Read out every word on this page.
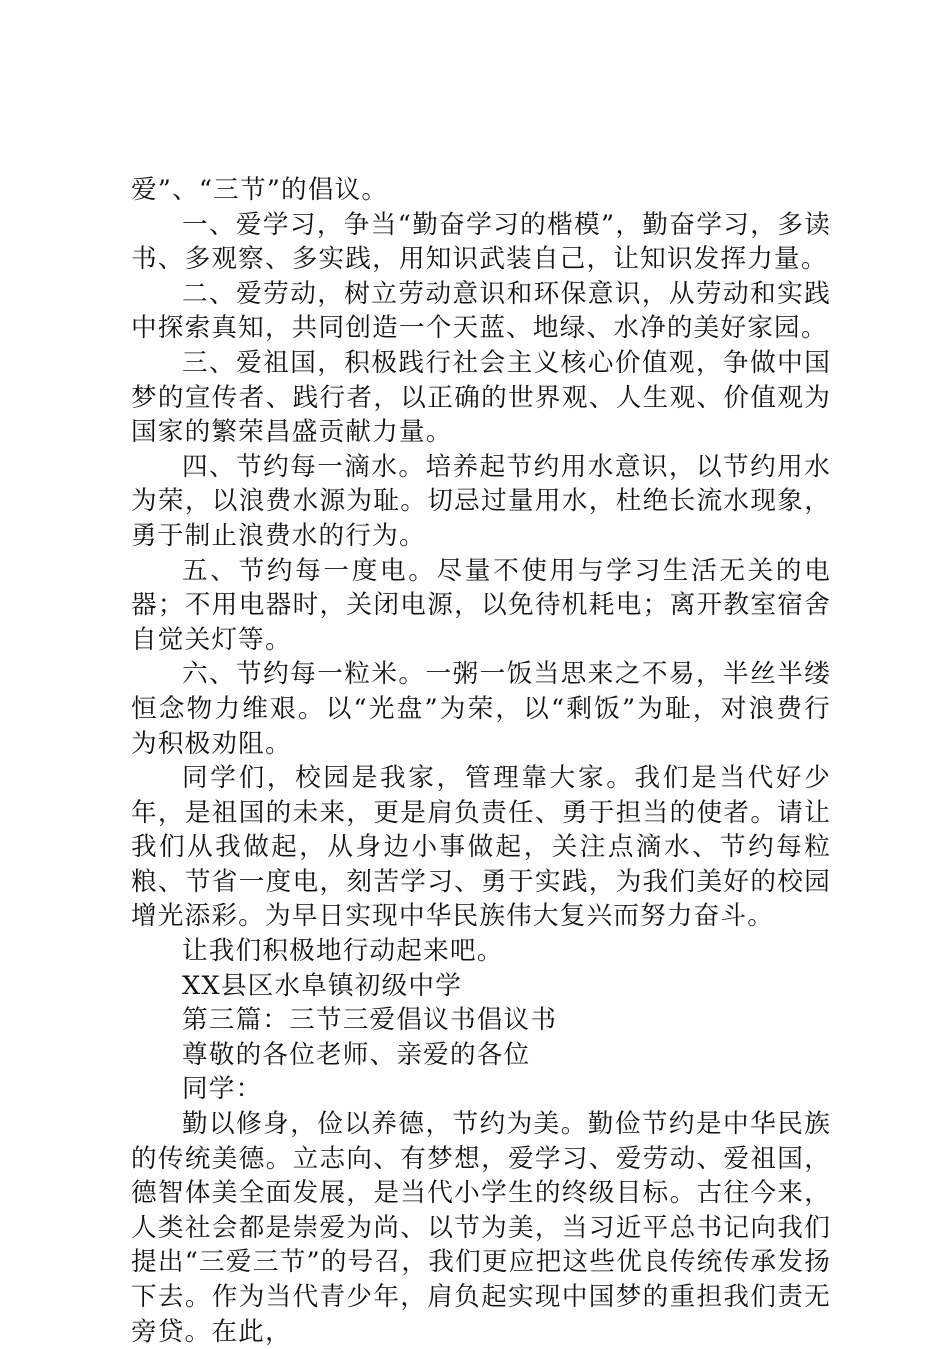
爱”、“三节”的倡议。

一、爱学习，争当“勤奋学习的楷模”，勤奋学习，多读书、多观察、多实践，用知识武装自己，让知识发挥力量。

二、爱劳动，树立劳动意识和环保意识，从劳动和实践中探索真知，共同创造一个天蓝、地绿、水净的美好家园。

三、爱祖国，积极践行社会主义核心价值观，争做中国梦的宣传者、践行者，以正确的世界观、人生观、价值观为国家的繁荣昌盛贡献力量。

四、节约每一滴水。培养起节约用水意识，以节约用水为荣，以浪费水源为耻。切忌过量用水，杜绝长流水现象，勇于制止浪费水的行为。

五、节约每一度电。尽量不使用与学习生活无关的电器；不用电器时，关闭电源，以免待机耗电；离开教室宿舍自觉关灯等。

六、节约每一粒米。一粥一饭当思来之不易，半丝半缕恒念物力维艰。以“光盘”为荣，以“剩饭”为耻，对浪费行为积极劝阻。

同学们，校园是我家，管理靠大家。我们是当代好少年，是祖国的未来，更是肩负责任、勇于担当的使者。请让我们从我做起，从身边小事做起，关注点滴水、节约每粒粮、节省一度电，刻苦学习、勇于实践，为我们美好的校园增光添彩。为早日实现中华民族伟大复兴而努力奋斗。

让我们积极地行动起来吧。

XX县区水阜镇初级中学

第三篇：三节三爱倡议书倡议书

尊敬的各位老师、亲爱的各位

同学：

勤以修身，俭以养德，节约为美。勤俭节约是中华民族的传统美德。立志向、有梦想，爱学习、爱劳动、爱祖国，德智体美全面发展，是当代小学生的终级目标。古往今来，人类社会都是崇爱为尚、以节为美，当习近平总书记向我们提出“三爱三节”的号召，我们更应把这些优良传统传承发扬下去。作为当代青少年，肩负起实现中国梦的重担我们责无旁贷。在此，
